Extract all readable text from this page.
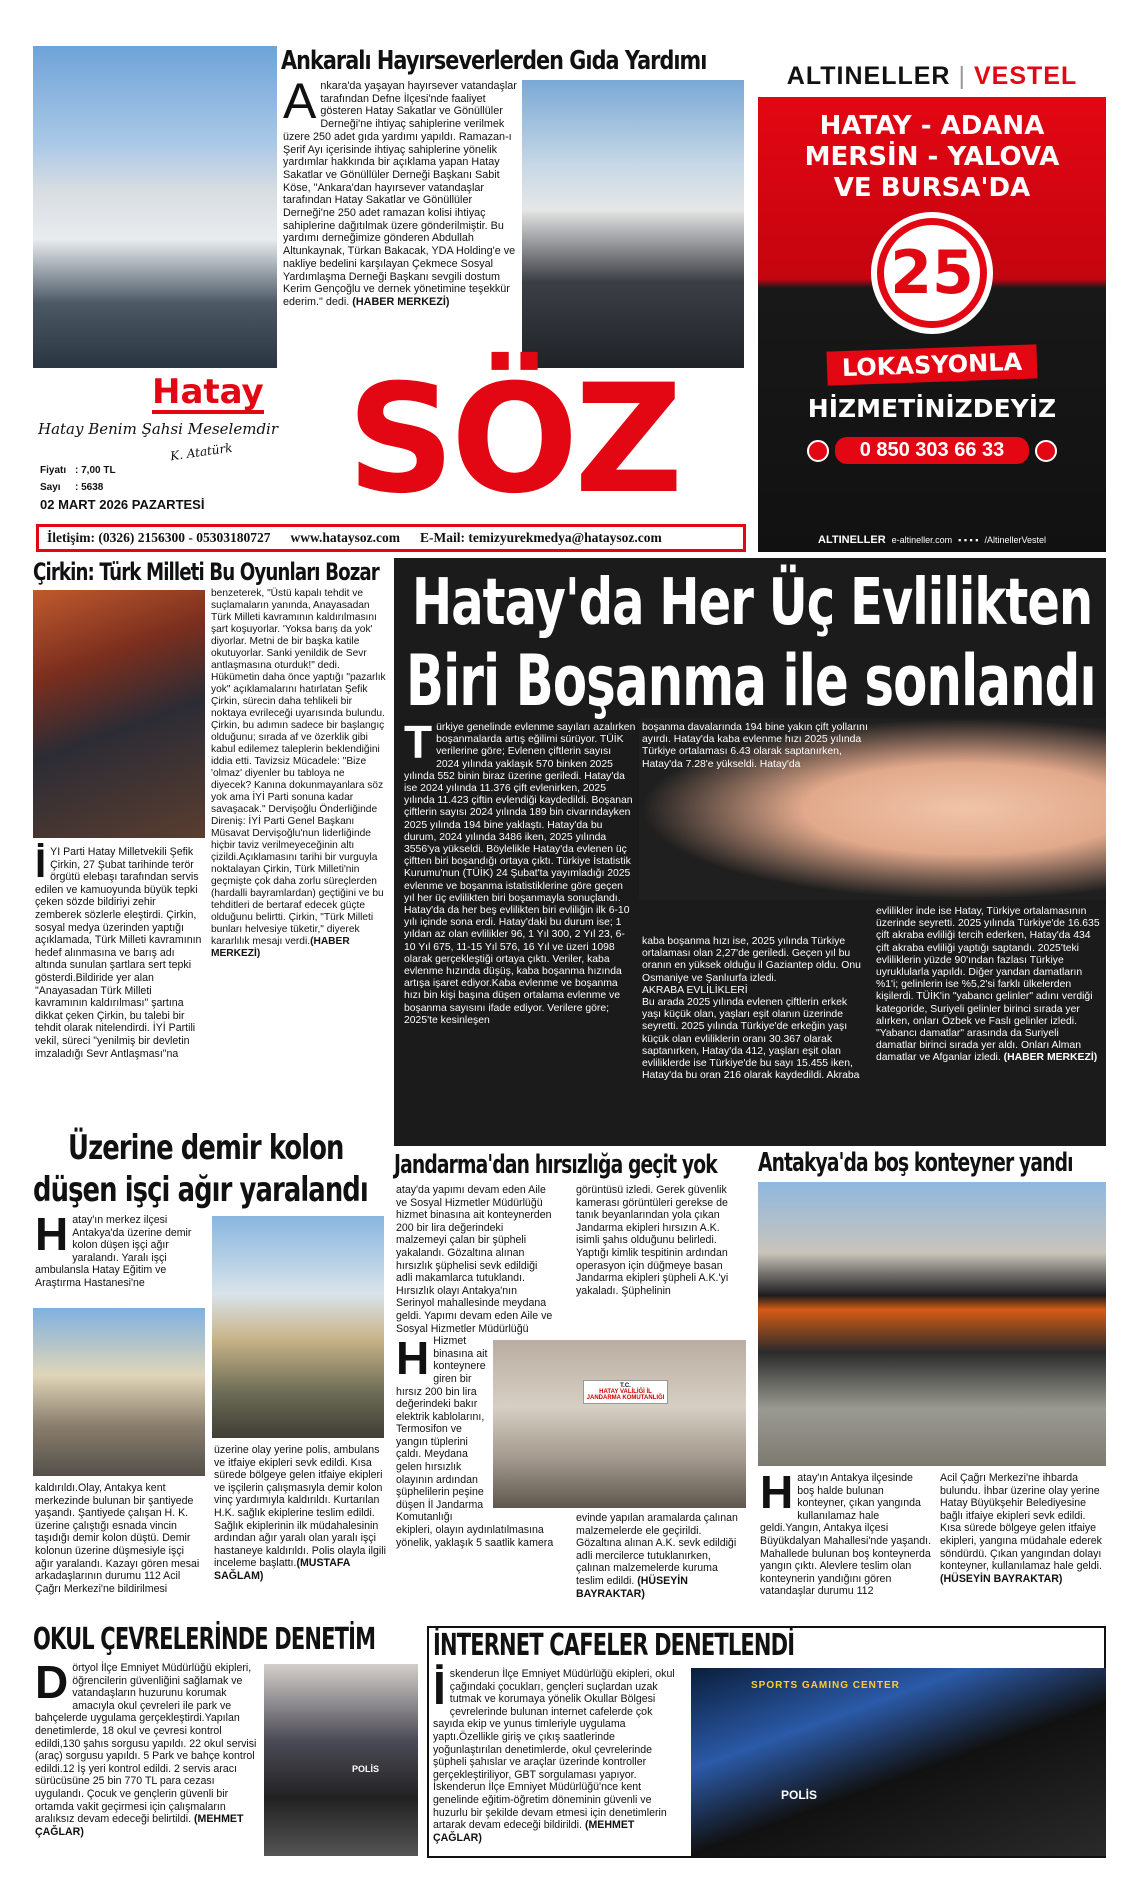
Ankaralı Hayırseverlerden Gıda Yardımı
Ankara'da yaşayan hayırsever vatandaşlar tarafından Defne İlçesi'nde faaliyet gösteren Hatay Sakatlar ve Gönüllüler Derneği'ne ihtiyaç sahiplerine verilmek üzere 250 adet gıda yardımı yapıldı. Ramazan-ı Şerif Ayı içerisinde ihtiyaç sahiplerine yönelik yardımlar hakkında bir açıklama yapan Hatay Sakatlar ve Gönüllüler Derneği Başkanı Sabit Köse, "Ankara'dan hayırsever vatandaşlar tarafından Hatay Sakatlar ve Gönüllüler Derneği'ne 250 adet ramazan kolisi ihtiyaç sahiplerine dağıtılmak üzere gönderilmiştir. Bu yardımı derneğimize gönderen Abdullah Altunkaynak, Türkan Bakacak, YDA Holding'e ve nakliye bedelini karşılayan Çekmece Sosyal Yardımlaşma Derneği Başkanı sevgili dostum Kerim Gençoğlu ve dernek yönetimine teşekkür ederim." dedi. (HABER MERKEZİ)
ALTINELLER | VESTEL
HATAY - ADANA
MERSİN - YALOVA
VE BURSA'DA
25
LOKASYONLA
HİZMETİNİZDEYİZ
0 850 303 66 33
ALTINELLER e-altineller.com ▪ ▪ ▪ ▪ /AltinellerVestel
Hatay
Hatay Benim Şahsi Meselemdir
K. Atatürk
Fiyatı : 7,00 TL
Sayı : 5638
02 MART 2026 PAZARTESİ SÖZ
İletişim: (0326) 2156300 - 05303180727 www.hataysoz.com E-Mail: temizyurekmedya@hataysoz.com
Çirkin: Türk Milleti Bu Oyunları Bozar
İYI Parti Hatay Milletvekili Şefik Çirkin, 27 Şubat tarihinde terör örgütü elebaşı tarafından servis edilen ve kamuoyunda büyük tepki çeken sözde bildiriyi zehir zemberek sözlerle eleştirdi. Çirkin, sosyal medya üzerinden yaptığı açıklamada, Türk Milleti kavramının hedef alınmasına ve barış adı altında sunulan şartlara sert tepki gösterdi.Bildiride yer alan "Anayasadan Türk Milleti kavramının kaldırılması" şartına dikkat çeken Çirkin, bu talebi bir tehdit olarak nitelendirdi. İYİ Partili vekil, süreci "yenilmiş bir devletin imzaladığı Sevr Antlaşması"na
benzeterek, "Üstü kapalı tehdit ve suçlamaların yanında, Anayasadan Türk Milleti kavramının kaldırılmasını şart koşuyorlar. 'Yoksa barış da yok' diyorlar. Metni de bir başka katile okutuyorlar. Sanki yenildik de Sevr antlaşmasına oturduk!" dedi. Hükümetin daha önce yaptığı "pazarlık yok" açıklamalarını hatırlatan Şefik Çirkin, sürecin daha tehlikeli bir noktaya evrileceği uyarısında bulundu. Çirkin, bu adımın sadece bir başlangıç olduğunu; sırada af ve özerklik gibi kabul edilemez taleplerin beklendiğini iddia etti. Tavizsiz Mücadele: "Bize 'olmaz' diyenler bu tabloya ne diyecek? Kanına dokunmayanlara söz yok ama İYİ Parti sonuna kadar savaşacak." Dervişoğlu Önderliğinde Direniş: İYİ Parti Genel Başkanı Müsavat Dervişoğlu'nun liderliğinde hiçbir taviz verilmeyeceğinin altı çizildi.Açıklamasını tarihi bir vurguyla noktalayan Çirkin, Türk Milleti'nin geçmişte çok daha zorlu süreçlerden (hardalli bayramlardan) geçtiğini ve bu tehditleri de bertaraf edecek güçte olduğunu belirtti. Çirkin, "Türk Milleti bunları helvesiye tüketir," diyerek kararlılık mesajı verdi.(HABER MERKEZİ)
Hatay'da Her Üç Evlilikten
Biri Boşanma ile sonlandı
Türkiye genelinde evlenme sayıları azalırken boşanmalarda artış eğilimi sürüyor. TÜİK verilerine göre; Evlenen çiftlerin sayısı 2024 yılında yaklaşık 570 binken 2025 yılında 552 binin biraz üzerine geriledi. Hatay'da ise 2024 yılında 11.376 çift evlenirken, 2025 yılında 11.423 çiftin evlendiği kaydedildi. Boşanan çiftlerin sayısı 2024 yılında 189 bin civarındayken 2025 yılında 194 bine yaklaştı. Hatay'da bu durum, 2024 yılında 3486 iken, 2025 yılında 3556'ya yükseldi. Böylelikle Hatay'da evlenen üç çiftten biri boşandığı ortaya çıktı. Türkiye İstatistik Kurumu'nun (TÜİK) 24 Şubat'ta yayımladığı 2025 evlenme ve boşanma istatistiklerine göre geçen yıl her üç evlilikten biri boşanmayla sonuçlandı. Hatay'da da her beş evlilikten biri evliliğin ilk 6-10 yılı içinde sona erdi. Hatay'daki bu durum ise; 1 yıldan az olan evlilikler 96, 1 Yıl 300, 2 Yıl 23, 6-10 Yıl 675, 11-15 Yıl 576, 16 Yıl ve üzeri 1098 olarak gerçekleştiği ortaya çıktı. Veriler, kaba evlenme hızında düşüş, kaba boşanma hızında artışa işaret ediyor.Kaba evlenme ve boşanma hızı bin kişi başına düşen ortalama evlenme ve boşanma sayısını ifade ediyor. Verilere göre; 2025'te kesinleşen
boşanma davalarında 194 bine yakın çift yollarını ayırdı. Hatay'da kaba evlenme hızı 2025 yılında Türkiye ortalaması 6.43 olarak saptanırken, Hatay'da 7.28'e yükseldi. Hatay'da
kaba boşanma hızı ise, 2025 yılında Türkiye ortalaması olan 2,27'de geriledi. Geçen yıl bu oranın en yüksek olduğu il Gaziantep oldu. Onu Osmaniye ve Şanlıurfa izledi.
AKRABA EVLİLİKLERİ
Bu arada 2025 yılında evlenen çiftlerin erkek yaşı küçük olan, yaşları eşit olanın üzerinde seyretti. 2025 yılında Türkiye'de erkeğin yaşı küçük olan evliliklerin oranı 30.367 olarak saptanırken, Hatay'da 412, yaşları eşit olan evliliklerde ise Türkiye'de bu sayı 15.455 iken, Hatay'da bu oran 216 olarak kaydedildi. Akraba
evlilikler inde ise Hatay, Türkiye ortalamasının üzerinde seyretti. 2025 yılında Türkiye'de 16.635 çift akraba evliliği tercih ederken, Hatay'da 434 çift akraba evliliği yaptığı saptandı. 2025'teki evliliklerin yüzde 90'ından fazlası Türkiye uyruklularla yapıldı. Diğer yandan damatların %1'i; gelinlerin ise %5,2'si farklı ülkelerden kişilerdi. TÜİK'in "yabancı gelinler" adını verdiği kategoride, Suriyeli gelinler birinci sırada yer alırken, onları Özbek ve Faslı gelinler izledi. "Yabancı damatlar" arasında da Suriyeli damatlar birinci sırada yer aldı. Onları Alman damatlar ve Afganlar izledi. (HABER MERKEZİ)
Üzerine demir kolon
düşen işçi ağır yaralandı
Hatay'ın merkez ilçesi Antakya'da üzerine demir kolon düşen işçi ağır yaralandı. Yaralı işçi ambulansla Hatay Eğitim ve Araştırma Hastanesi'ne
kaldırıldı.Olay, Antakya kent merkezinde bulunan bir şantiyede yaşandı. Şantiyede çalışan H. K. üzerine çalıştığı esnada vincin taşıdığı demir kolon düştü. Demir kolonun üzerine düşmesiyle işçi ağır yaralandı. Kazayı gören mesai arkadaşlarının durumu 112 Acil Çağrı Merkezi'ne bildirilmesi
üzerine olay yerine polis, ambulans ve itfaiye ekipleri sevk edildi. Kısa sürede bölgeye gelen itfaiye ekipleri ve işçilerin çalışmasıyla demir kolon vinç yardımıyla kaldırıldı. Kurtarılan H.K. sağlık ekiplerine teslim edildi. Sağlık ekiplerinin ilk müdahalesinin ardından ağır yaralı olan yaralı işçi hastaneye kaldırıldı. Polis olayla ilgili inceleme başlattı.(MUSTAFA SAĞLAM)
Jandarma'dan hırsızlığa geçit yok
T.C.
HATAY VALİLİĞİ İL JANDARMA KOMUTANLIĞI
H
atay'da yapımı devam eden Aile ve Sosyal Hizmetler Müdürlüğü hizmet binasına ait konteynerden 200 bir lira değerindeki malzemeyi çalan bir şüpheli yakalandı. Gözaltına alınan hırsızlık şüphelisi sevk edildiği adli makamlarca tutuklandı. Hırsızlık olayı Antakya'nın Serinyol mahallesinde meydana geldi. Yapımı devam eden Aile ve Sosyal Hizmetler Müdürlüğü Hizmet binasına ait konteynere giren bir hırsız 200 bin lira değerindeki bakır elektrik kablolarını, Termosifon ve yangın tüplerini çaldı. Meydana gelen hırsızlık olayının ardından şüphelilerin peşine düşen İl Jandarma Komutanlığı ekipleri, olayın aydınlatılmasına yönelik, yaklaşık 5 saatlik kamera
görüntüsü izledi. Gerek güvenlik kamerası görüntüleri gerekse de tanık beyanlarından yola çıkan Jandarma ekipleri hırsızın A.K. isimli şahıs olduğunu belirledi. Yaptığı kimlik tespitinin ardından operasyon için düğmeye basan Jandarma ekipleri şüpheli A.K.'yi yakaladı. Şüphelinin
evinde yapılan aramalarda çalınan malzemelerde ele geçirildi. Gözaltına alınan A.K. sevk edildiği adli mercilerce tutuklanırken, çalınan malzemelerde kuruma teslim edildi. (HÜSEYİN BAYRAKTAR)
Antakya'da boş konteyner yandı
Hatay'ın Antakya ilçesinde boş halde bulunan konteyner, çıkan yangında kullanılamaz hale geldi.Yangın, Antakya ilçesi Büyükdalyan Mahallesi'nde yaşandı. Mahallede bulunan boş konteynerda yangın çıktı. Alevlere teslim olan konteynerin yandığını gören vatandaşlar durumu 112
Acil Çağrı Merkezi'ne ihbarda bulundu. İhbar üzerine olay yerine Hatay Büyükşehir Belediyesine bağlı itfaiye ekipleri sevk edildi. Kısa sürede bölgeye gelen itfaiye ekipleri, yangına müdahale ederek söndürdü. Çıkan yangından dolayı konteyner, kullanılamaz hale geldi. (HÜSEYİN BAYRAKTAR)
OKUL ÇEVRELERİNDE DENETİM
Dörtyol İlçe Emniyet Müdürlüğü ekipleri, öğrencilerin güvenliğini sağlamak ve vatandaşların huzurunu korumak amacıyla okul çevreleri ile park ve bahçelerde uygulama gerçekleştirdi.Yapılan denetimlerde, 18 okul ve çevresi kontrol edildi,130 şahıs sorgusu yapıldı. 22 okul servisi (araç) sorgusu yapıldı. 5 Park ve bahçe kontrol edildi.12 İş yeri kontrol edildi. 2 servis aracı sürücüsüne 25 bin 770 TL para cezası uygulandı. Çocuk ve gençlerin güvenli bir ortamda vakit geçirmesi için çalışmaların aralıksız devam edeceği belirtildi. (MEHMET ÇAĞLAR)
POLİS
SPORTS GAMING CENTER
POLİS
İNTERNET CAFELER DENETLENDİ
İskenderun İlçe Emniyet Müdürlüğü ekipleri, okul çağındaki çocukları, gençleri suçlardan uzak tutmak ve korumaya yönelik Okullar Bölgesi çevrelerinde bulunan internet cafelerde çok sayıda ekip ve yunus timleriyle uygulama yaptı.Özellikle giriş ve çıkış saatlerinde yoğunlaştırılan denetimlerde, okul çevrelerinde şüpheli şahıslar ve araçlar üzerinde kontroller gerçekleştiriliyor, GBT sorgulaması yapıyor. İskenderun İlçe Emniyet Müdürlüğü'nce kent genelinde eğitim-öğretim döneminin güvenli ve huzurlu bir şekilde devam etmesi için denetimlerin artarak devam edeceği bildirildi. (MEHMET ÇAĞLAR)
